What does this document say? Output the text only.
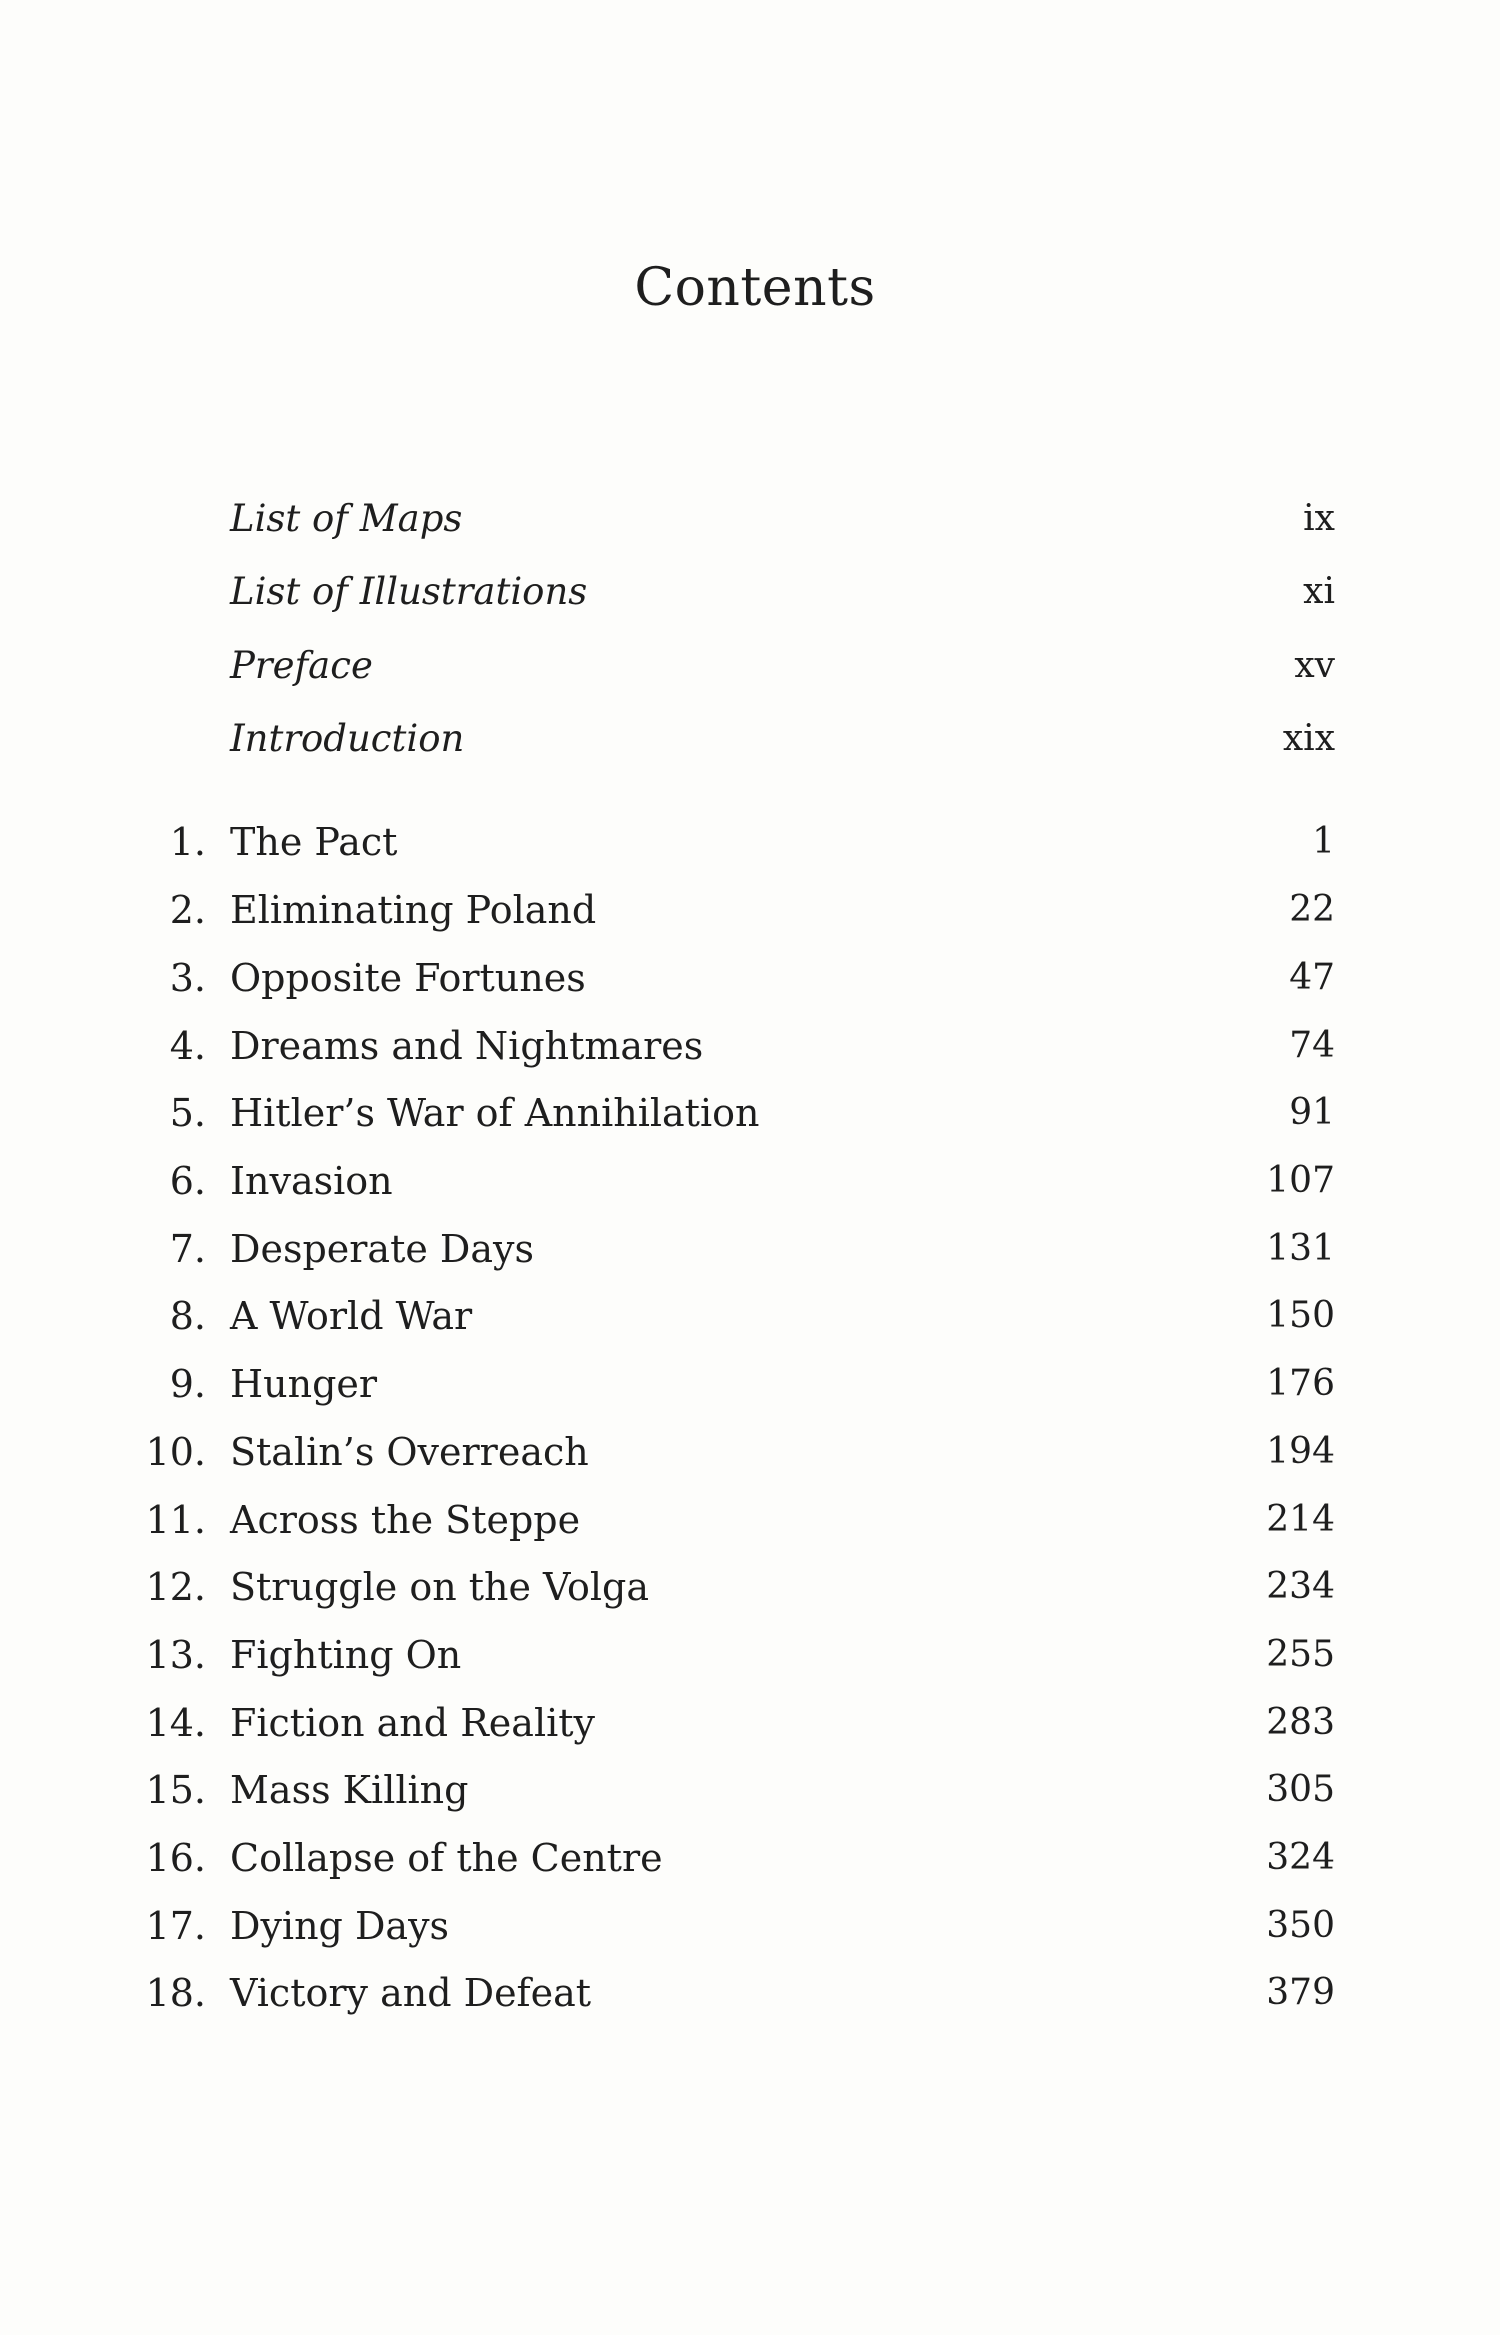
Contents
List of Maps	ix
List of Illustrations	xi
Preface	xv
Introduction	xix
1. The Pact	1
2. Eliminating Poland	22
3. Opposite Fortunes	47
4. Dreams and Nightmares	74
5. Hitler’s War of Annihilation	91
6. Invasion	107
7. Desperate Days	131
8. A World War	150
9. Hunger	176
10. Stalin’s Overreach	194
11. Across the Steppe	214
12. Struggle on the Volga	234
13. Fighting On	255
14. Fiction and Reality	283
15. Mass Killing	305
16. Collapse of the Centre	324
17. Dying Days	350
18. Victory and Defeat	379
